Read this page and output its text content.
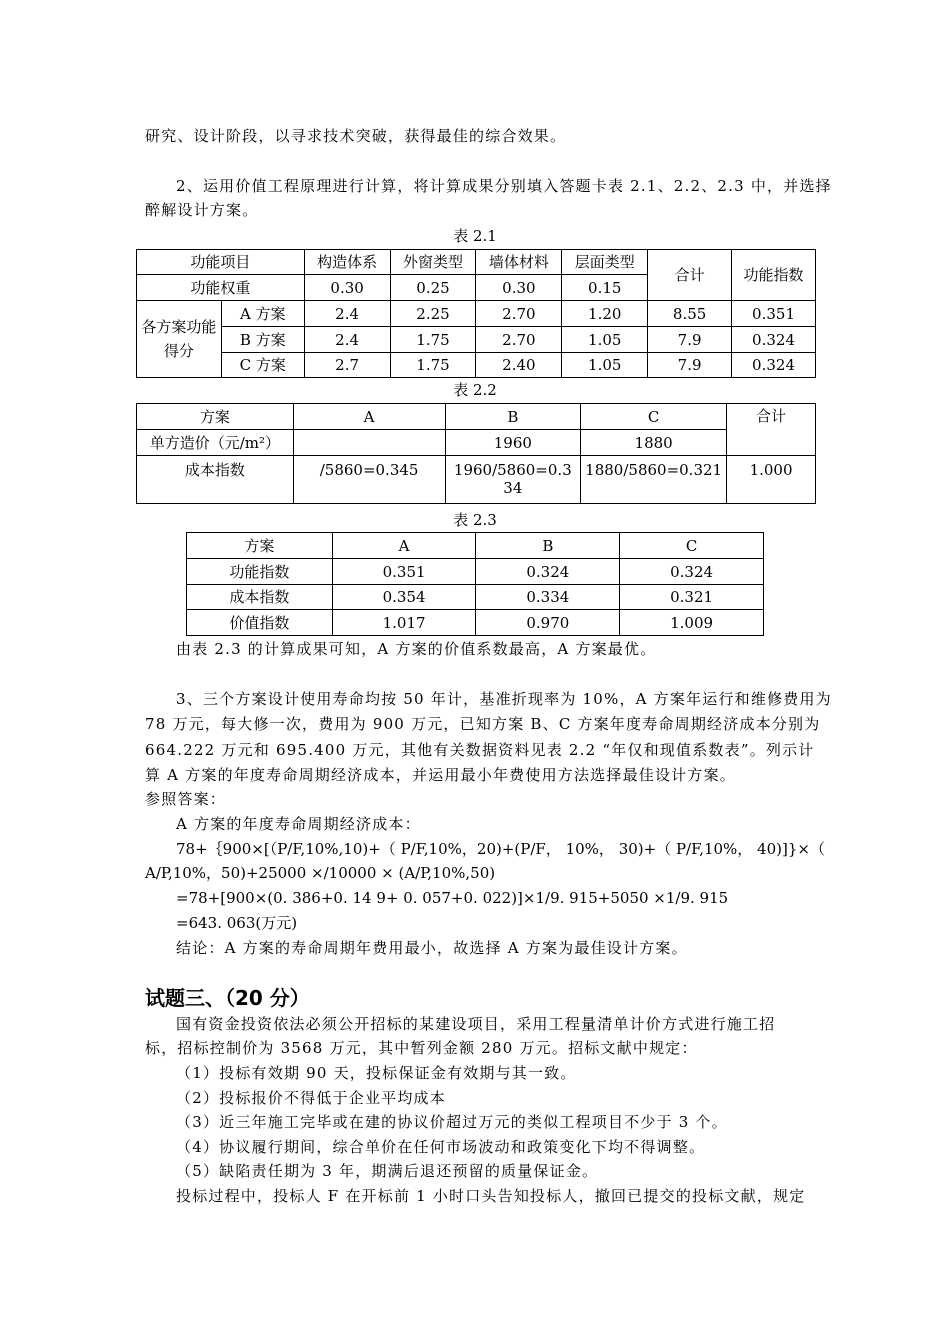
研究、设计阶段，以寻求技术突破，获得最佳的综合效果。
2、运用价值工程原理进行计算，将计算成果分别填入答题卡表 2.1、2.2、2.3 中，并选择
醉解设计方案。
表 2.1
功能项目		构造体系	外窗类型	墙体材料	层面类型	合计	功能指数
功能权重		0.30	0.25	0.30	0.15		
各方案功能得分	A 方案	2.4	2.25	2.70	1.20	8.55	0.351
	B 方案	2.4	1.75	2.70	1.05	7.9	0.324
	C 方案	2.7	1.75	2.40	1.05	7.9	0.324
表 2.2
方案	A	B	C	合计
单方造价（元/m²）		1960	1880	
成本指数	/5860=0.345	1960/5860=0.334	1880/5860=0.321	1.000
表 2.3
方案	A	B	C
功能指数	0.351	0.324	0.324
成本指数	0.354	0.334	0.321
价值指数	1.017	0.970	1.009
由表 2.3 的计算成果可知，A 方案的价值系数最高，A 方案最优。
3、三个方案设计使用寿命均按 50 年计，基准折现率为 10%，A 方案年运行和维修费用为
78 万元，每大修一次，费用为 900 万元，已知方案 B、C 方案年度寿命周期经济成本分别为
664.222 万元和 695.400 万元，其他有关数据资料见表 2.2 “年仅和现值系数表”。列示计
算 A 方案的年度寿命周期经济成本，并运用最小年费使用方法选择最佳设计方案。
参照答案：
A 方案的年度寿命周期经济成本：
78+｛900×[（P/F,10%,10)+（ P/F,10%，20)+(P/F， 10%， 30)+（ P/F,10%， 40)]}×（
A/P,10%，50)+25000 ×/10000 × (A/P,10%,50)
=78+[900×(0. 386+0. 14 9+ 0. 057+0. 022)]×1/9. 915+5050 ×1/9. 915
=643. 063(万元)
结论：A 方案的寿命周期年费用最小，故选择 A 方案为最佳设计方案。
试题三、（20 分）
国有资金投资依法必须公开招标的某建设项目，采用工程量清单计价方式进行施工招
标，招标控制价为 3568 万元，其中暂列金额 280 万元。招标文献中规定：
（1）投标有效期 90 天，投标保证金有效期与其一致。
（2）投标报价不得低于企业平均成本
（3）近三年施工完毕或在建的协议价超过万元的类似工程项目不少于 3 个。
（4）协议履行期间，综合单价在任何市场波动和政策变化下均不得调整。
（5）缺陷责任期为 3 年，期满后退还预留的质量保证金。
投标过程中，投标人 F 在开标前 1 小时口头告知投标人，撤回已提交的投标文献，规定
